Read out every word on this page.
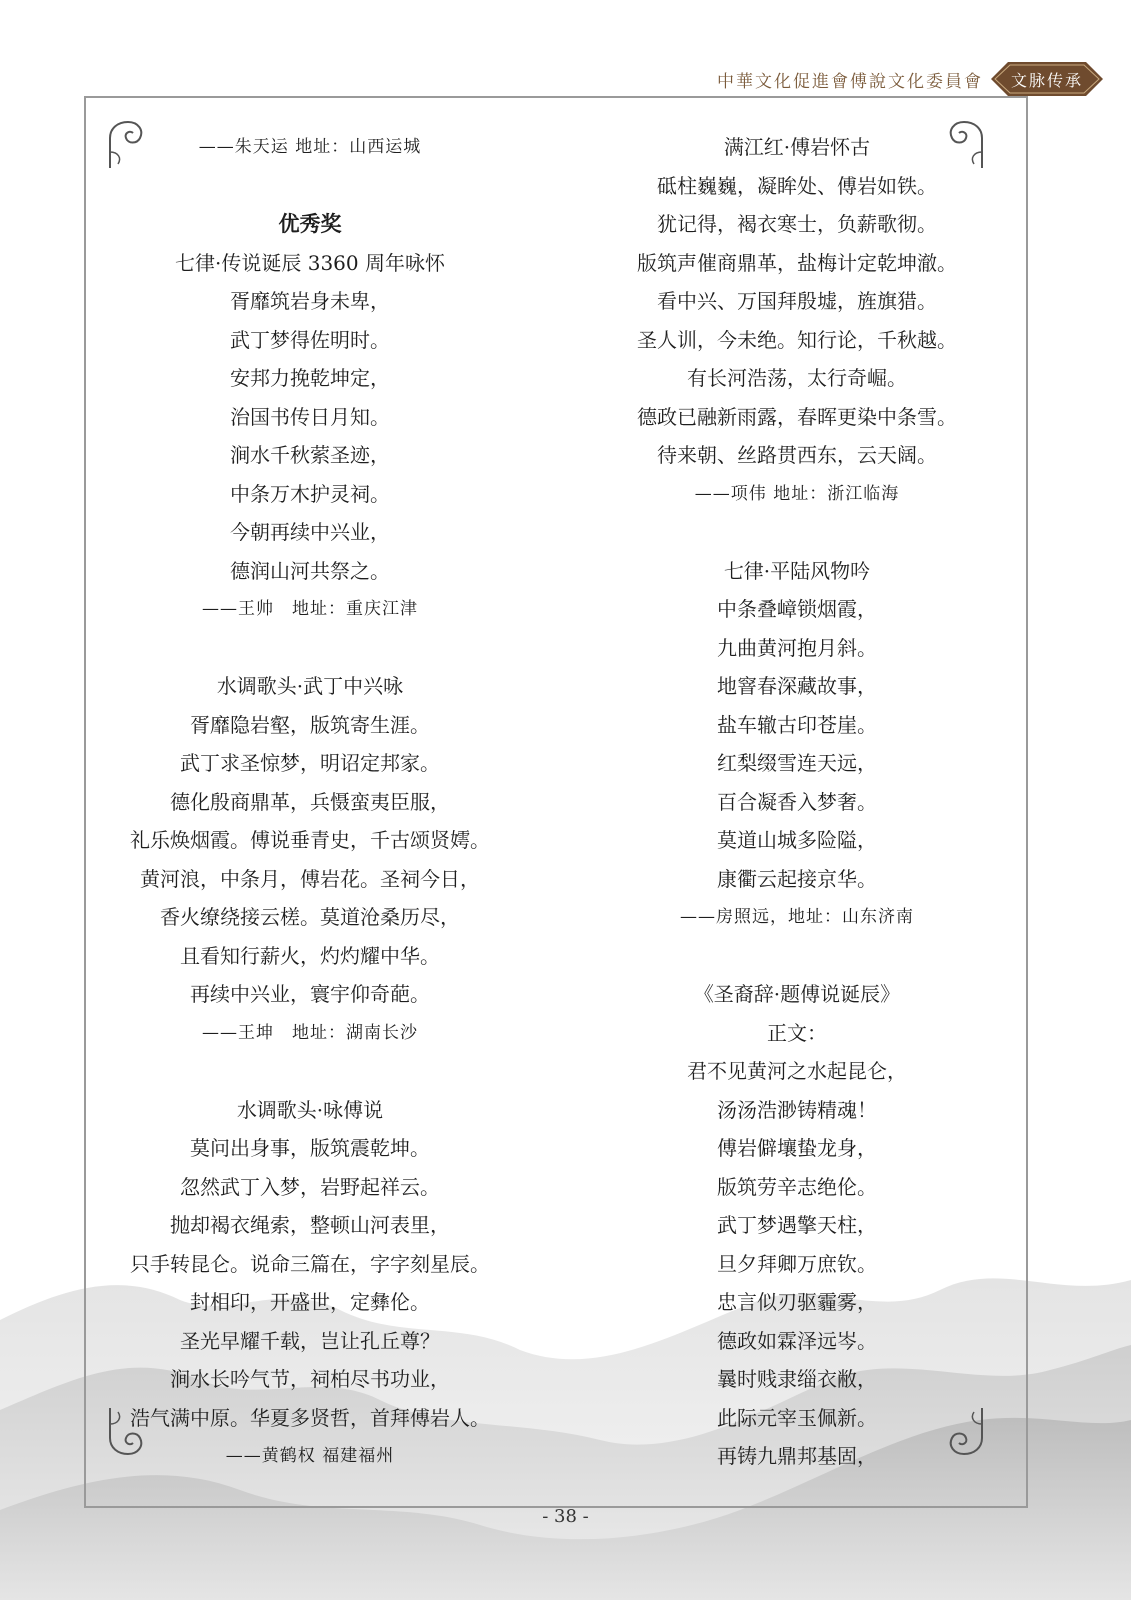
中華文化促進會傅說文化委員會 文脉传承
——朱天运 地址：山西运城
优秀奖
七律·传说诞辰 3360 周年咏怀
胥靡筑岩身未卑，
武丁梦得佐明时。
安邦力挽乾坤定，
治国书传日月知。
涧水千秋萦圣迹，
中条万木护灵祠。
今朝再续中兴业，
德润山河共祭之。
——王帅　地址：重庆江津
水调歌头·武丁中兴咏
胥靡隐岩壑，版筑寄生涯。
武丁求圣惊梦，明诏定邦家。
德化殷商鼎革，兵慑蛮夷臣服，
礼乐焕烟霞。傅说垂青史，千古颂贤嫮。
黄河浪，中条月，傅岩花。圣祠今日，
香火缭绕接云槎。莫道沧桑历尽，
且看知行薪火，灼灼耀中华。
再续中兴业，寰宇仰奇葩。
——王坤　地址：湖南长沙
水调歌头·咏傅说
莫问出身事，版筑震乾坤。
忽然武丁入梦，岩野起祥云。
抛却褐衣绳索，整顿山河表里，
只手转昆仑。说命三篇在，字字刻星辰。
封相印，开盛世，定彝伦。
圣光早耀千载，岂让孔丘尊？
涧水长吟气节，祠柏尽书功业，
浩气满中原。华夏多贤哲，首拜傅岩人。
——黄鹤权 福建福州
满江红·傅岩怀古
砥柱巍巍，凝眸处、傅岩如铁。
犹记得，褐衣寒士，负薪歌彻。
版筑声催商鼎革，盐梅计定乾坤澈。
看中兴、万国拜殷墟，旌旗猎。
圣人训，今未绝。知行论，千秋越。
有长河浩荡，太行奇崛。
德政已融新雨露，春晖更染中条雪。
待来朝、丝路贯西东，云天阔。
——项伟 地址：浙江临海
七律·平陆风物吟
中条叠嶂锁烟霞，
九曲黄河抱月斜。
地窨春深藏故事，
盐车辙古印苍崖。
红梨缀雪连天远，
百合凝香入梦奢。
莫道山城多险隘，
康衢云起接京华。
——房照远，地址：山东济南
《圣裔辞·题傅说诞辰》
正文：
君不见黄河之水起昆仑，
汤汤浩渺铸精魂！
傅岩僻壤蛰龙身，
版筑劳辛志绝伦。
武丁梦遇擎天柱，
旦夕拜卿万庶钦。
忠言似刃驱霾雾，
德政如霖泽远岑。
曩时贱隶缁衣敝，
此际元宰玉佩新。
再铸九鼎邦基固，
- 38 -
